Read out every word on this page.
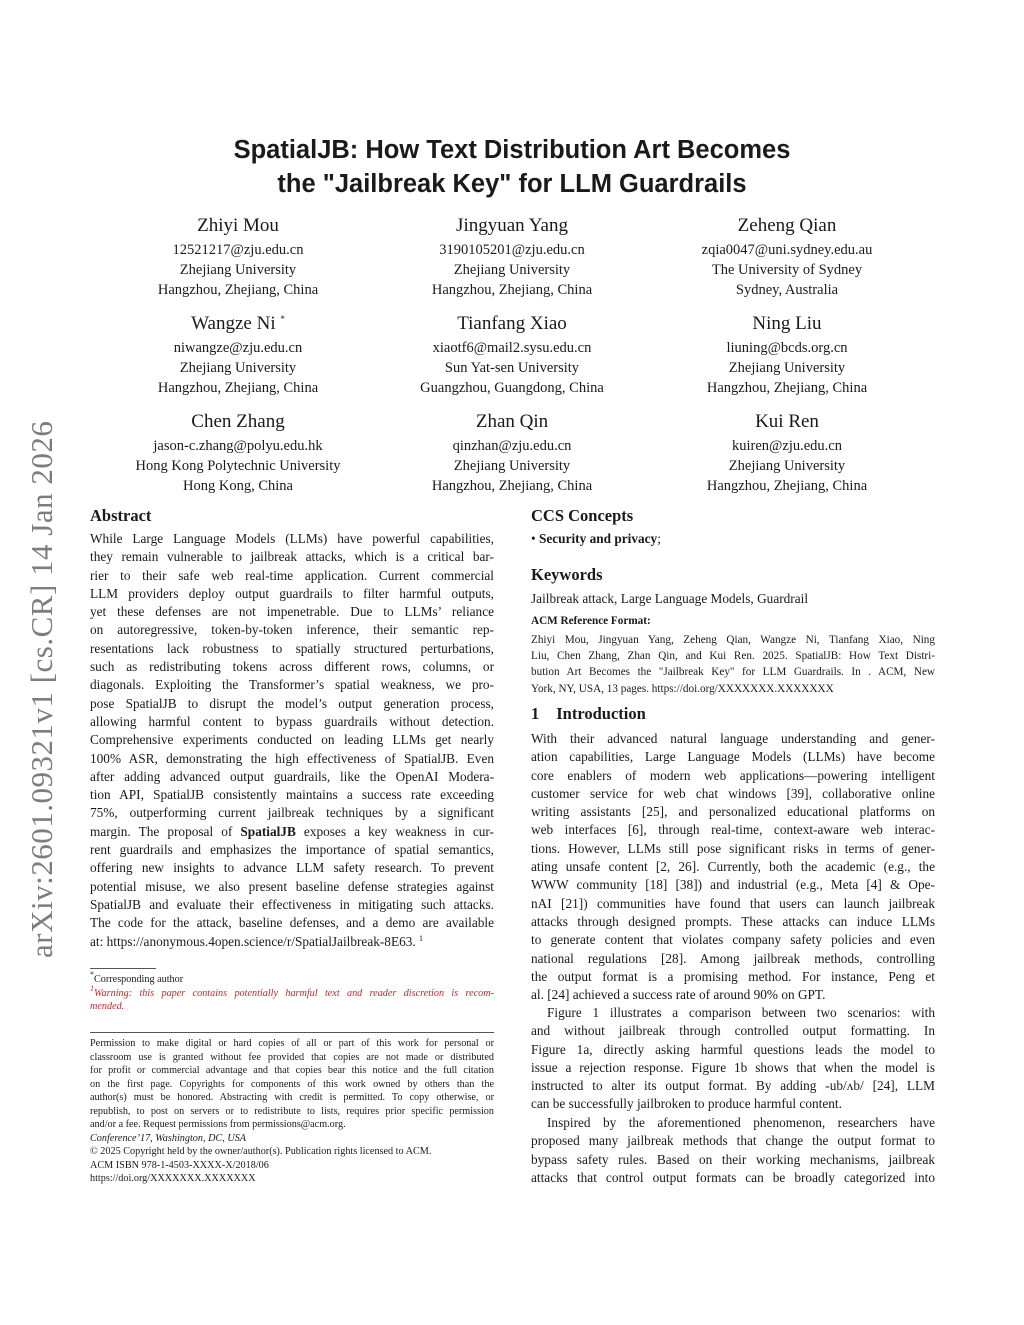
arXiv:2601.09321v1 [cs.CR] 14 Jan 2026
SpatialJB: How Text Distribution Art Becomes
the "Jailbreak Key" for LLM Guardrails
Zhiyi Mou
12521217@zju.edu.cn
Zhejiang University
Hangzhou, Zhejiang, China
Jingyuan Yang
3190105201@zju.edu.cn
Zhejiang University
Hangzhou, Zhejiang, China
Zeheng Qian
zqia0047@uni.sydney.edu.au
The University of Sydney
Sydney, Australia
Wangze Ni *
niwangze@zju.edu.cn
Zhejiang University
Hangzhou, Zhejiang, China
Tianfang Xiao
xiaotf6@mail2.sysu.edu.cn
Sun Yat-sen University
Guangzhou, Guangdong, China
Ning Liu
liuning@bcds.org.cn
Zhejiang University
Hangzhou, Zhejiang, China
Chen Zhang
jason-c.zhang@polyu.edu.hk
Hong Kong Polytechnic University
Hong Kong, China
Zhan Qin
qinzhan@zju.edu.cn
Zhejiang University
Hangzhou, Zhejiang, China
Kui Ren
kuiren@zju.edu.cn
Zhejiang University
Hangzhou, Zhejiang, China
Abstract
While Large Language Models (LLMs) have powerful capabilities,
they remain vulnerable to jailbreak attacks, which is a critical bar-
rier to their safe web real-time application. Current commercial
LLM providers deploy output guardrails to filter harmful outputs,
yet these defenses are not impenetrable. Due to LLMs’ reliance
on autoregressive, token-by-token inference, their semantic rep-
resentations lack robustness to spatially structured perturbations,
such as redistributing tokens across different rows, columns, or
diagonals. Exploiting the Transformer’s spatial weakness, we pro-
pose SpatialJB to disrupt the model’s output generation process,
allowing harmful content to bypass guardrails without detection.
Comprehensive experiments conducted on leading LLMs get nearly
100% ASR, demonstrating the high effectiveness of SpatialJB. Even
after adding advanced output guardrails, like the OpenAI Modera-
tion API, SpatialJB consistently maintains a success rate exceeding
75%, outperforming current jailbreak techniques by a significant
margin. The proposal of SpatialJB exposes a key weakness in cur-
rent guardrails and emphasizes the importance of spatial semantics,
offering new insights to advance LLM safety research. To prevent
potential misuse, we also present baseline defense strategies against
SpatialJB and evaluate their effectiveness in mitigating such attacks.
The code for the attack, baseline defenses, and a demo are available
at: https://anonymous.4open.science/r/SpatialJailbreak-8E63. $^1$
*Corresponding author
$^1$Warning: this paper contains potentially harmful text and reader discretion is recom-
mended.
Permission to make digital or hard copies of all or part of this work for personal or
classroom use is granted without fee provided that copies are not made or distributed
for profit or commercial advantage and that copies bear this notice and the full citation
on the first page. Copyrights for components of this work owned by others than the
author(s) must be honored. Abstracting with credit is permitted. To copy otherwise, or
republish, to post on servers or to redistribute to lists, requires prior specific permission
and/or a fee. Request permissions from permissions@acm.org.
Conference’17, Washington, DC, USA
© 2025 Copyright held by the owner/author(s). Publication rights licensed to ACM.
ACM ISBN 978-1-4503-XXXX-X/2018/06
https://doi.org/XXXXXXX.XXXXXXX
CCS Concepts
• Security and privacy;
Keywords
Jailbreak attack, Large Language Models, Guardrail
ACM Reference Format:
Zhiyi Mou, Jingyuan Yang, Zeheng Qian, Wangze Ni, Tianfang Xiao, Ning
Liu, Chen Zhang, Zhan Qin, and Kui Ren. 2025. SpatialJB: How Text Distri-
bution Art Becomes the "Jailbreak Key" for LLM Guardrails. In . ACM, New
York, NY, USA, 13 pages. https://doi.org/XXXXXXX.XXXXXXX
1 Introduction
With their advanced natural language understanding and gener-
ation capabilities, Large Language Models (LLMs) have become
core enablers of modern web applications—powering intelligent
customer service for web chat windows [39], collaborative online
writing assistants [25], and personalized educational platforms on
web interfaces [6], through real-time, context-aware web interac-
tions. However, LLMs still pose significant risks in terms of gener-
ating unsafe content [2, 26]. Currently, both the academic (e.g., the
WWW community [18] [38]) and industrial (e.g., Meta [4] & Ope-
nAI [21]) communities have found that users can launch jailbreak
attacks through designed prompts. These attacks can induce LLMs
to generate content that violates company safety policies and even
national regulations [28]. Among jailbreak methods, controlling
the output format is a promising method. For instance, Peng et
al. [24] achieved a success rate of around 90% on GPT.
Figure 1 illustrates a comparison between two scenarios: with
and without jailbreak through controlled output formatting. In
Figure 1a, directly asking harmful questions leads the model to
issue a rejection response. Figure 1b shows that when the model is
instructed to alter its output format. By adding -ub/ʌb/ [24], LLM
can be successfully jailbroken to produce harmful content.
Inspired by the aforementioned phenomenon, researchers have
proposed many jailbreak methods that change the output format to
bypass safety rules. Based on their working mechanisms, jailbreak
attacks that control output formats can be broadly categorized into
